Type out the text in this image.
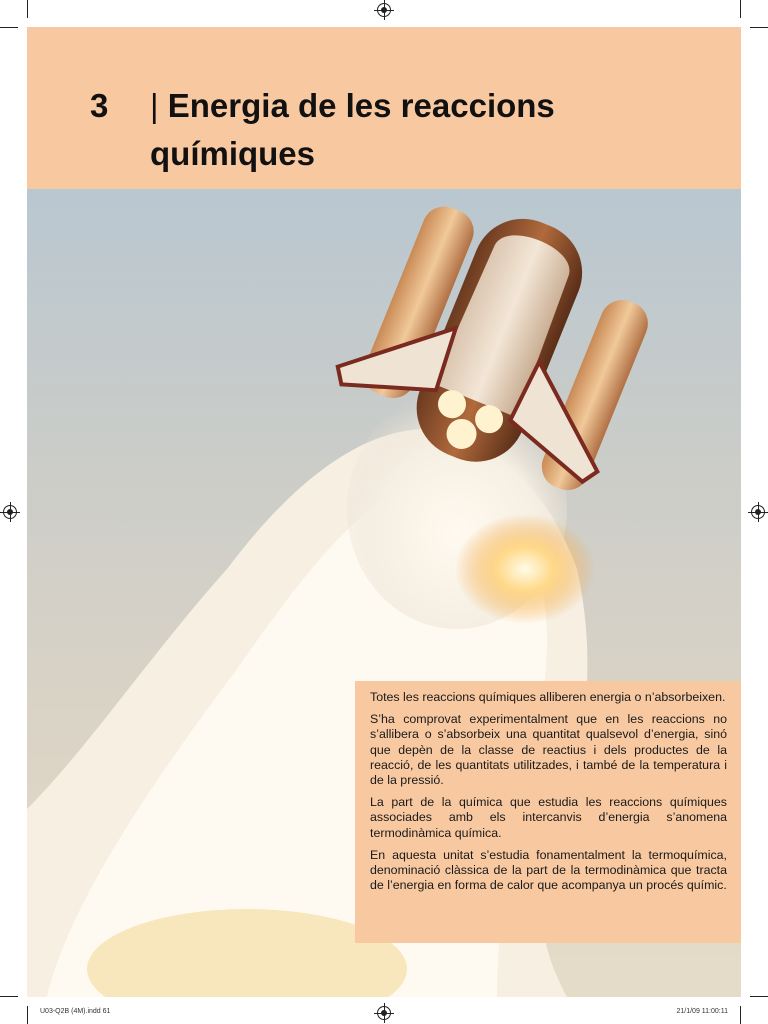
3 | Energia de les reaccions
químiques

Totes les reaccions químiques alliberen energia o n’absorbeixen.

S’ha comprovat experimentalment que en les reaccions no s’allibera o s’absorbeix una quantitat qualsevol d’energia, sinó que depèn de la classe de reactius i dels productes de la reacció, de les quantitats utilitzades, i també de la temperatura i de la pressió.

La part de la química que estudia les reaccions químiques associades amb els intercanvis d’energia s’anomena termodinàmica química.

En aquesta unitat s’estudia fonamentalment la termoquímica, denominació clàssica de la part de la termodinàmica que tracta de l’energia en forma de calor que acompanya un procés químic.

U03-Q2B (4M).indd 61	21/1/09 11:00:11
